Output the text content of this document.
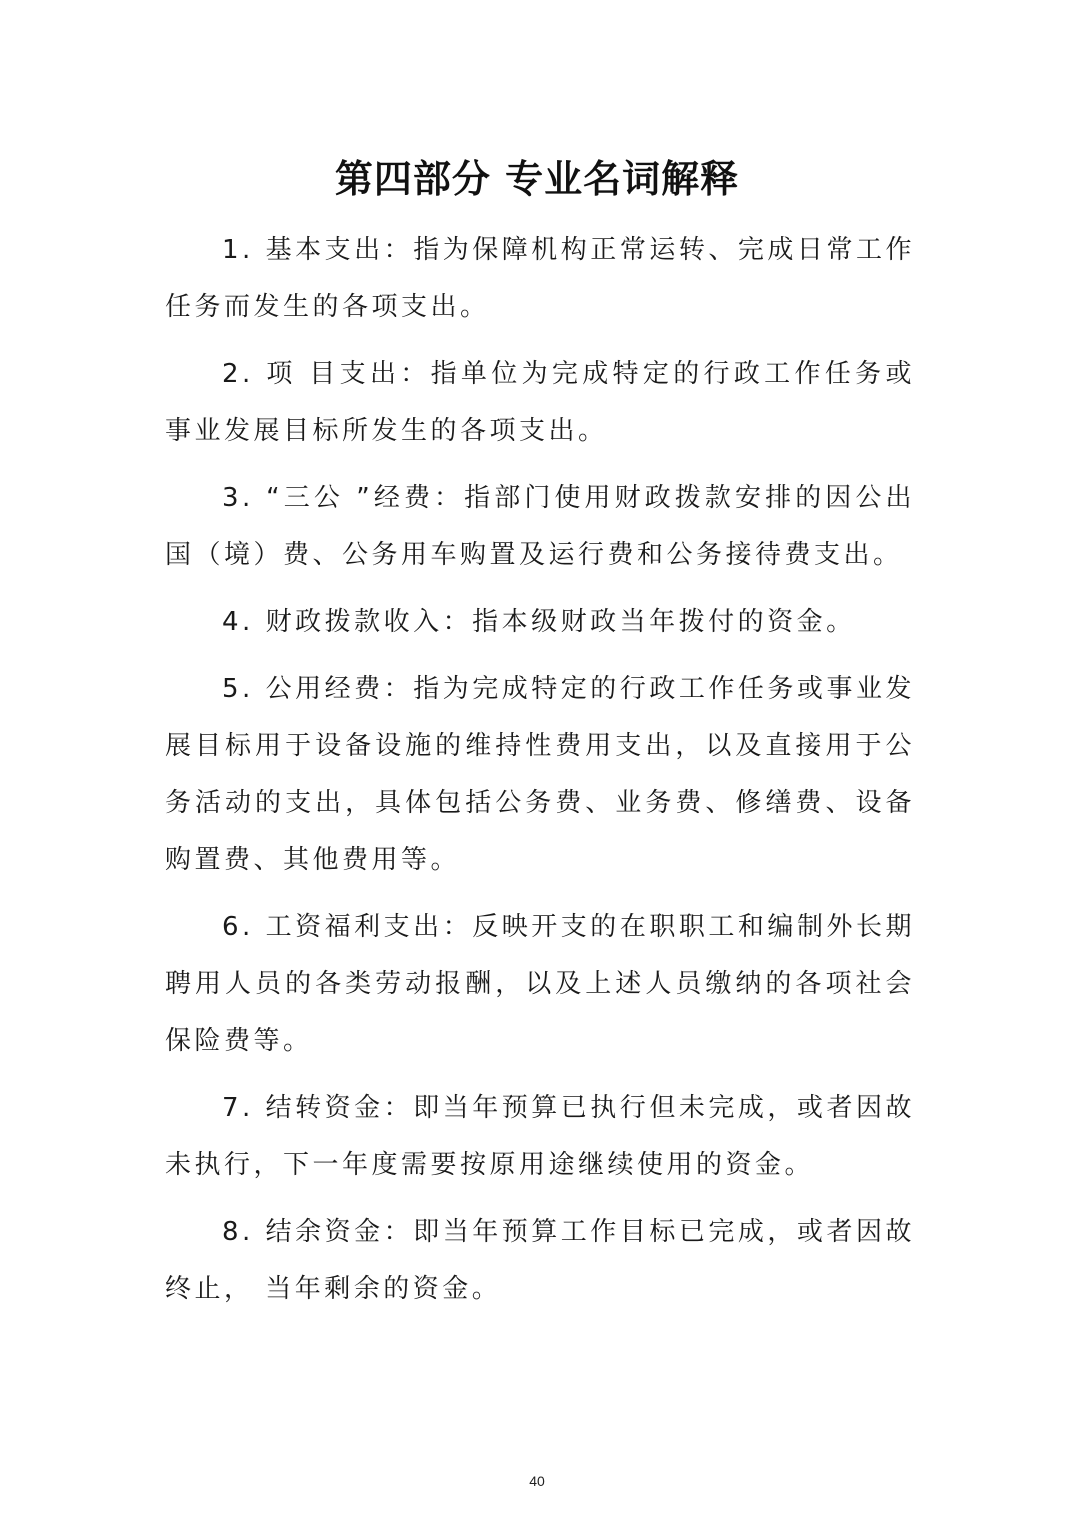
第四部分 专业名词解释

1. 基本支出：指为保障机构正常运转、完成日常工作任务而发生的各项支出。

2. 项 目支出：指单位为完成特定的行政工作任务或事业发展目标所发生的各项支出。

3. “三公 ”经费：指部门使用财政拨款安排的因公出国（境）费、公务用车购置及运行费和公务接待费支出。

4. 财政拨款收入：指本级财政当年拨付的资金。

5. 公用经费：指为完成特定的行政工作任务或事业发展目标用于设备设施的维持性费用支出，以及直接用于公务活动的支出，具体包括公务费、业务费、修缮费、设备购置费、其他费用等。

6. 工资福利支出：反映开支的在职职工和编制外长期聘用人员的各类劳动报酬，以及上述人员缴纳的各项社会保险费等。

7. 结转资金：即当年预算已执行但未完成，或者因故未执行，下一年度需要按原用途继续使用的资金。

8. 结余资金：即当年预算工作目标已完成，或者因故终止， 当年剩余的资金。

40
